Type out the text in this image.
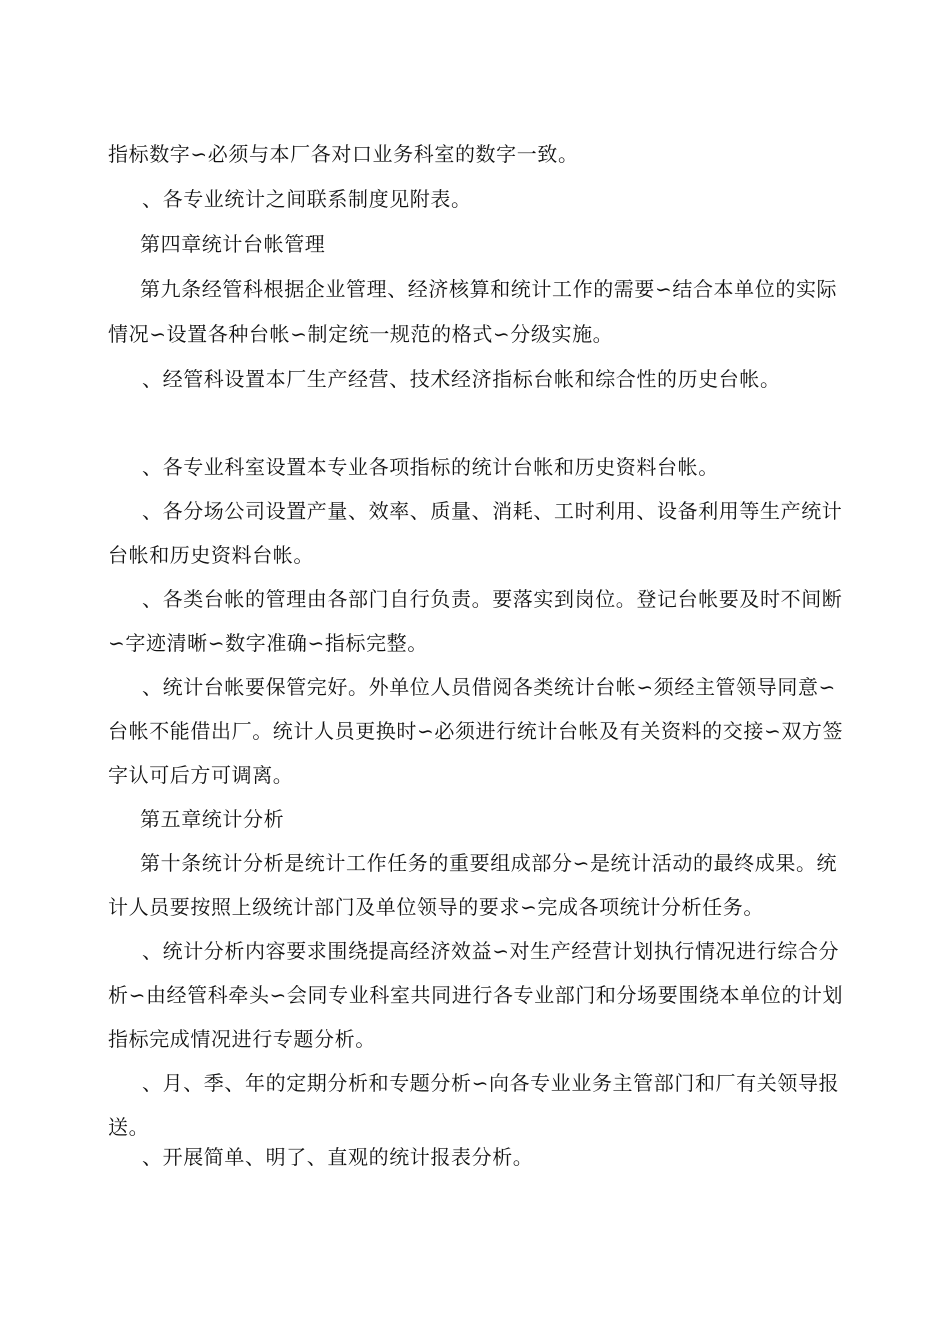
指标数字∽必须与本厂各对口业务科室的数字一致。
、各专业统计之间联系制度见附表。
第四章统计台帐管理
第九条经管科根据企业管理、经济核算和统计工作的需要∽结合本单位的实际
情况∽设置各种台帐∽制定统一规范的格式∽分级实施。
、经管科设置本厂生产经营、技术经济指标台帐和综合性的历史台帐。
、各专业科室设置本专业各项指标的统计台帐和历史资料台帐。
、各分场公司设置产量、效率、质量、消耗、工时利用、设备利用等生产统计
台帐和历史资料台帐。
、各类台帐的管理由各部门自行负责。要落实到岗位。登记台帐要及时不间断
∽字迹清晰∽数字准确∽指标完整。
、统计台帐要保管完好。外单位人员借阅各类统计台帐∽须经主管领导同意∽
台帐不能借出厂。统计人员更换时∽必须进行统计台帐及有关资料的交接∽双方签
字认可后方可调离。
第五章统计分析
第十条统计分析是统计工作任务的重要组成部分∽是统计活动的最终成果。统
计人员要按照上级统计部门及单位领导的要求∽完成各项统计分析任务。
、统计分析内容要求围绕提高经济效益∽对生产经营计划执行情况进行综合分
析∽由经管科牵头∽会同专业科室共同进行各专业部门和分场要围绕本单位的计划
指标完成情况进行专题分析。
、月、季、年的定期分析和专题分析∽向各专业业务主管部门和厂有关领导报
送。
、开展简单、明了、直观的统计报表分析。
